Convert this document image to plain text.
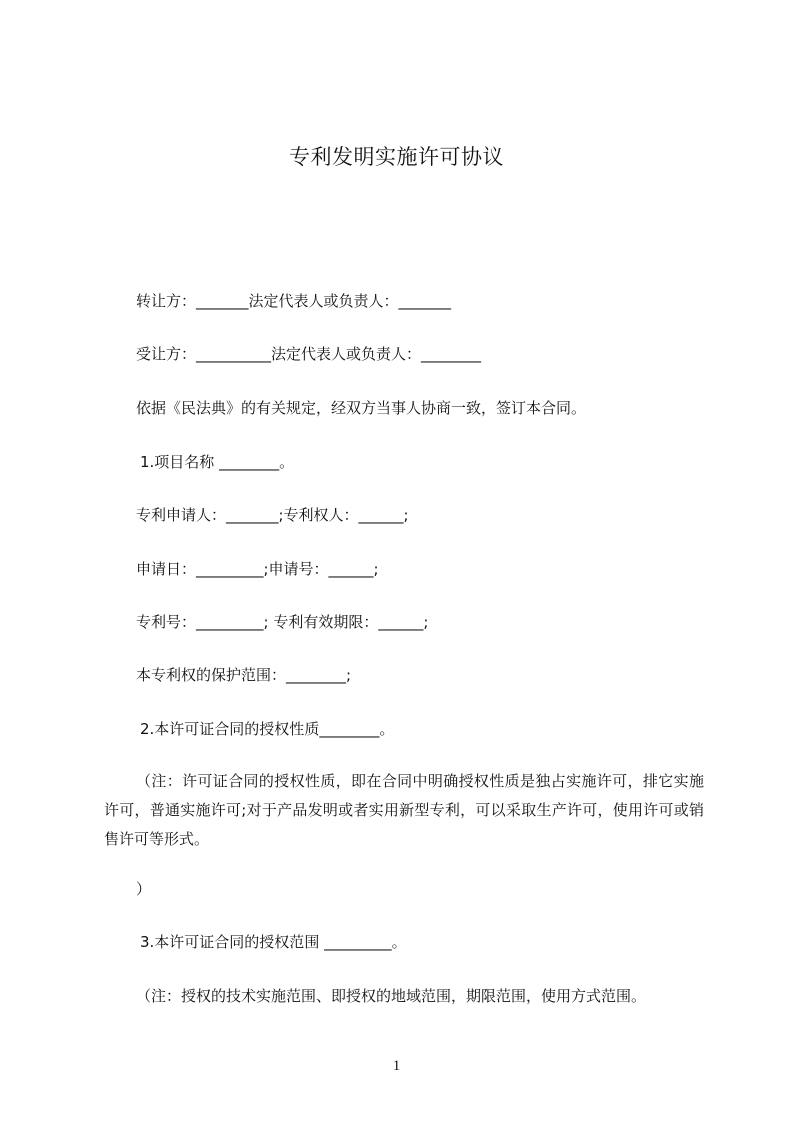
专利发明实施许可协议
转让方：_______法定代表人或负责人：_______
受让方：__________法定代表人或负责人：________
依据《民法典》的有关规定，经双方当事人协商一致，签订本合同。
1.项目名称 ________。
专利申请人：_______;专利权人：______;
申请日：_________;申请号：______;
专利号：_________; 专利有效期限：______;
本专利权的保护范围：________;
2.本许可证合同的授权性质________。
（注：许可证合同的授权性质，即在合同中明确授权性质是独占实施许可，排它实施许可，普通实施许可;对于产品发明或者实用新型专利，可以采取生产许可，使用许可或销售许可等形式。
）
3.本许可证合同的授权范围 _________。
（注：授权的技术实施范围、即授权的地域范围，期限范围，使用方式范围。
1
